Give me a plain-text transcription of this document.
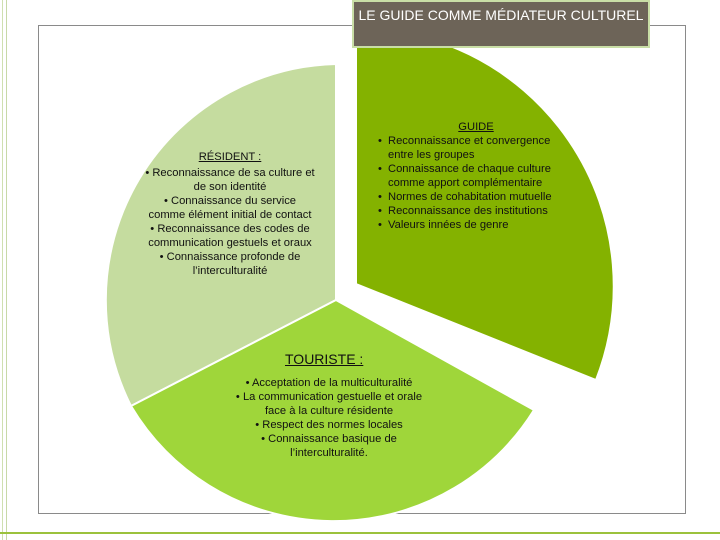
LE GUIDE COMME MÉDIATEUR CULTUREL
RÉSIDENT :
• Reconnaissance de sa culture et de son identité
• Connaissance du service comme élément initial de contact
• Reconnaissance des codes de communication gestuels et oraux
• Connaissance profonde de l’interculturalité
GUIDE
• Reconnaissance et convergence entre les groupes
• Connaissance de chaque culture comme apport complémentaire
• Normes de cohabitation mutuelle
• Reconnaissance des institutions
• Valeurs innées de genre
TOURISTE :
• Acceptation de la multiculturalité
• La communication gestuelle et orale face à la culture résidente
• Respect des normes locales
• Connaissance basique de l’interculturalité.
